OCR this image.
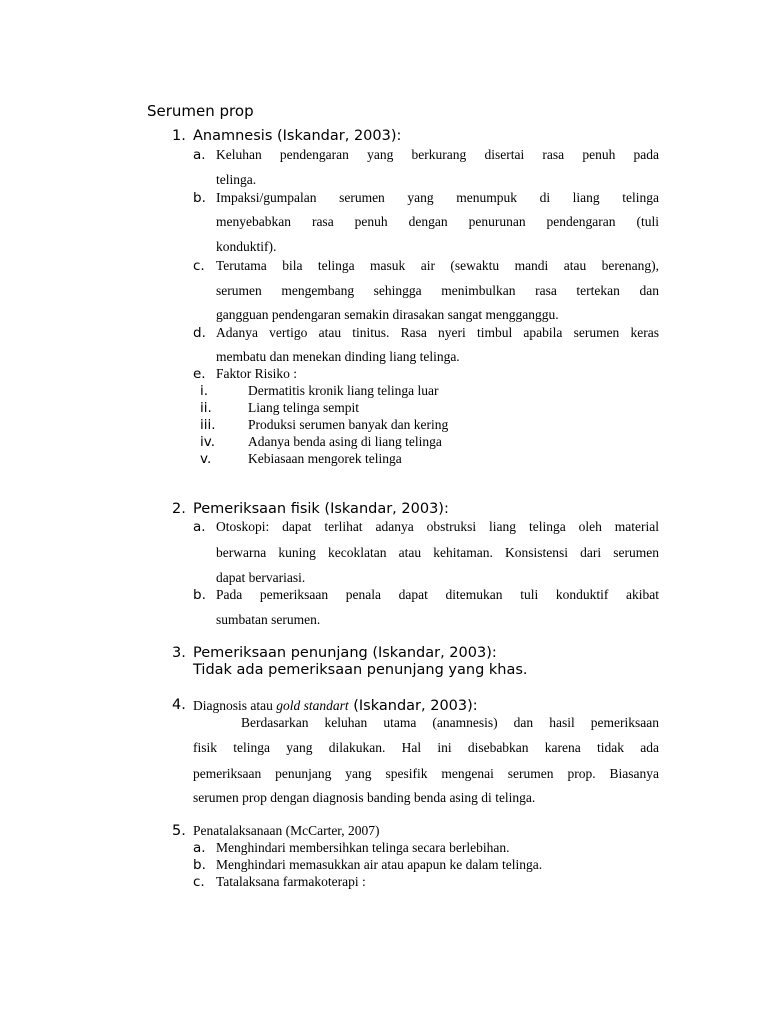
Serumen prop
1. Anamnesis (Iskandar, 2003):
a. Keluhan pendengaran yang berkurang disertai rasa penuh pada
telinga.
b. Impaksi/gumpalan serumen yang menumpuk di liang telinga
menyebabkan rasa penuh dengan penurunan pendengaran (tuli
konduktif).
c. Terutama bila telinga masuk air (sewaktu mandi atau berenang),
serumen mengembang sehingga menimbulkan rasa tertekan dan
gangguan pendengaran semakin dirasakan sangat mengganggu.
d. Adanya vertigo atau tinitus. Rasa nyeri timbul apabila serumen keras
membatu dan menekan dinding liang telinga.
e. Faktor Risiko :
i.	Dermatitis kronik liang telinga luar
ii.	Liang telinga sempit
iii. Produksi serumen banyak dan kering
iv. Adanya benda asing di liang telinga
v.	Kebiasaan mengorek telinga
2. Pemeriksaan fisik (Iskandar, 2003):
a. Otoskopi: dapat terlihat adanya obstruksi liang telinga oleh material
berwarna kuning kecoklatan atau kehitaman. Konsistensi dari serumen
dapat bervariasi.
b. Pada pemeriksaan penala dapat ditemukan tuli konduktif akibat
sumbatan serumen.
3. Pemeriksaan penunjang (Iskandar, 2003):
Tidak ada pemeriksaan penunjang yang khas.
4. Diagnosis atau gold standart (Iskandar, 2003):
Berdasarkan keluhan utama (anamnesis) dan hasil pemeriksaan
fisik telinga yang dilakukan. Hal ini disebabkan karena tidak ada
pemeriksaan penunjang yang spesifik mengenai serumen prop. Biasanya
serumen prop dengan diagnosis banding benda asing di telinga.
5. Penatalaksanaan (McCarter, 2007)
a. Menghindari membersihkan telinga secara berlebihan.
b. Menghindari memasukkan air atau apapun ke dalam telinga.
c. Tatalaksana farmakoterapi :
